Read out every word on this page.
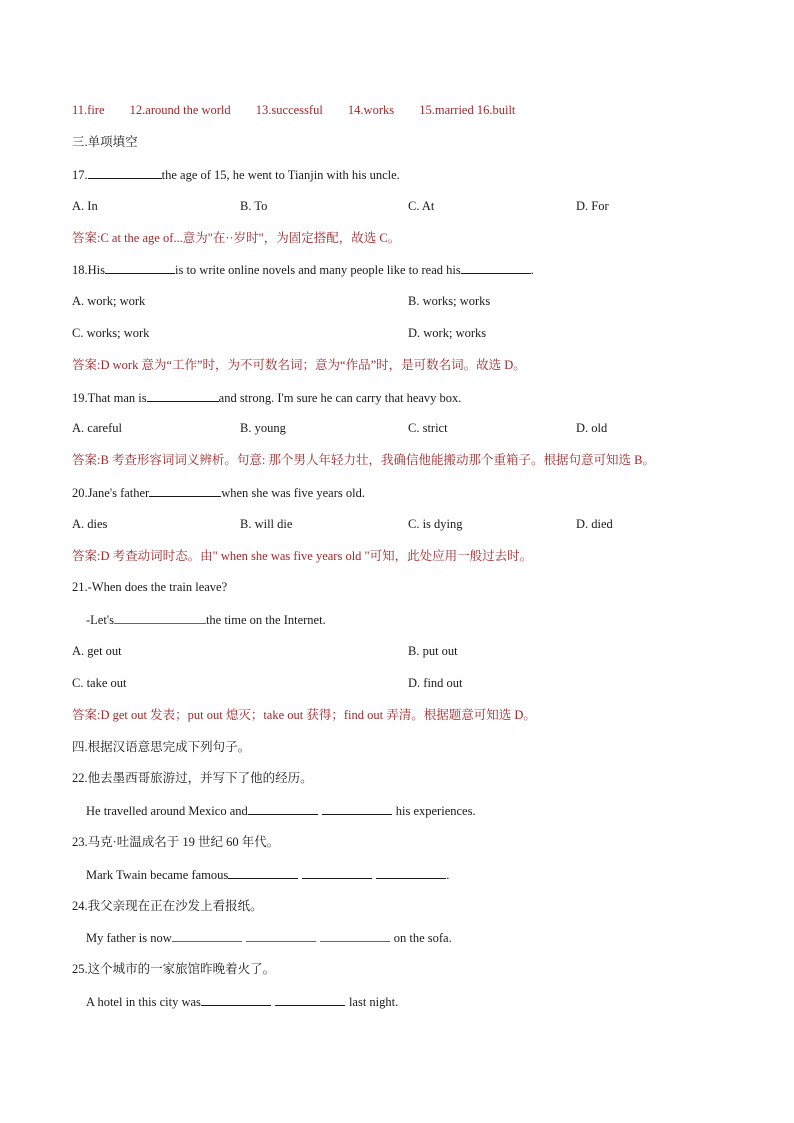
11.fire 12.around the world 13.successful 14.works 15.married 16.built
三.单项填空
17.	the age of 15, he went to Tianjin with his uncle.
A. In	B. To	C. At	D. For
答案:C at the age of...意为"在··岁时"，为固定搭配，故选 C。
18.His	is to write online novels and many people like to read his	.
A. work; work	B. works; works
C. works; work	D. work; works
答案:D work 意为“工作”时，为不可数名词；意为“作品”时，是可数名词。故选 D。
19.That man is	and strong. I'm sure he can carry that heavy box.
A. careful	B. young	C. strict	D. old
答案:B 考查形容词词义辨析。句意: 那个男人年轻力壮，我确信他能搬动那个重箱子。根据句意可知选 B。
20.Jane's father	when she was five years old.
A. dies	B. will die	C. is dying	D. died
答案:D 考查动词时态。由" when she was five years old "可知，此处应用一般过去时。
21.-When does the train leave?
-Let's	the time on the Internet.
A. get out	B. put out
C. take out	D. find out
答案:D get out 发表；put out 熄灭；take out 获得；find out 弄清。根据题意可知选 D。
四.根据汉语意思完成下列句子。
22.他去墨西哥旅游过，并写下了他的经历。
He travelled around Mexico and	his experiences.
23.马克·吐温成名于 19 世纪 60 年代。
Mark Twain became famous	.
24.我父亲现在正在沙发上看报纸。
My father is now	on the sofa.
25.这个城市的一家旅馆昨晚着火了。
A hotel in this city was	last night.
